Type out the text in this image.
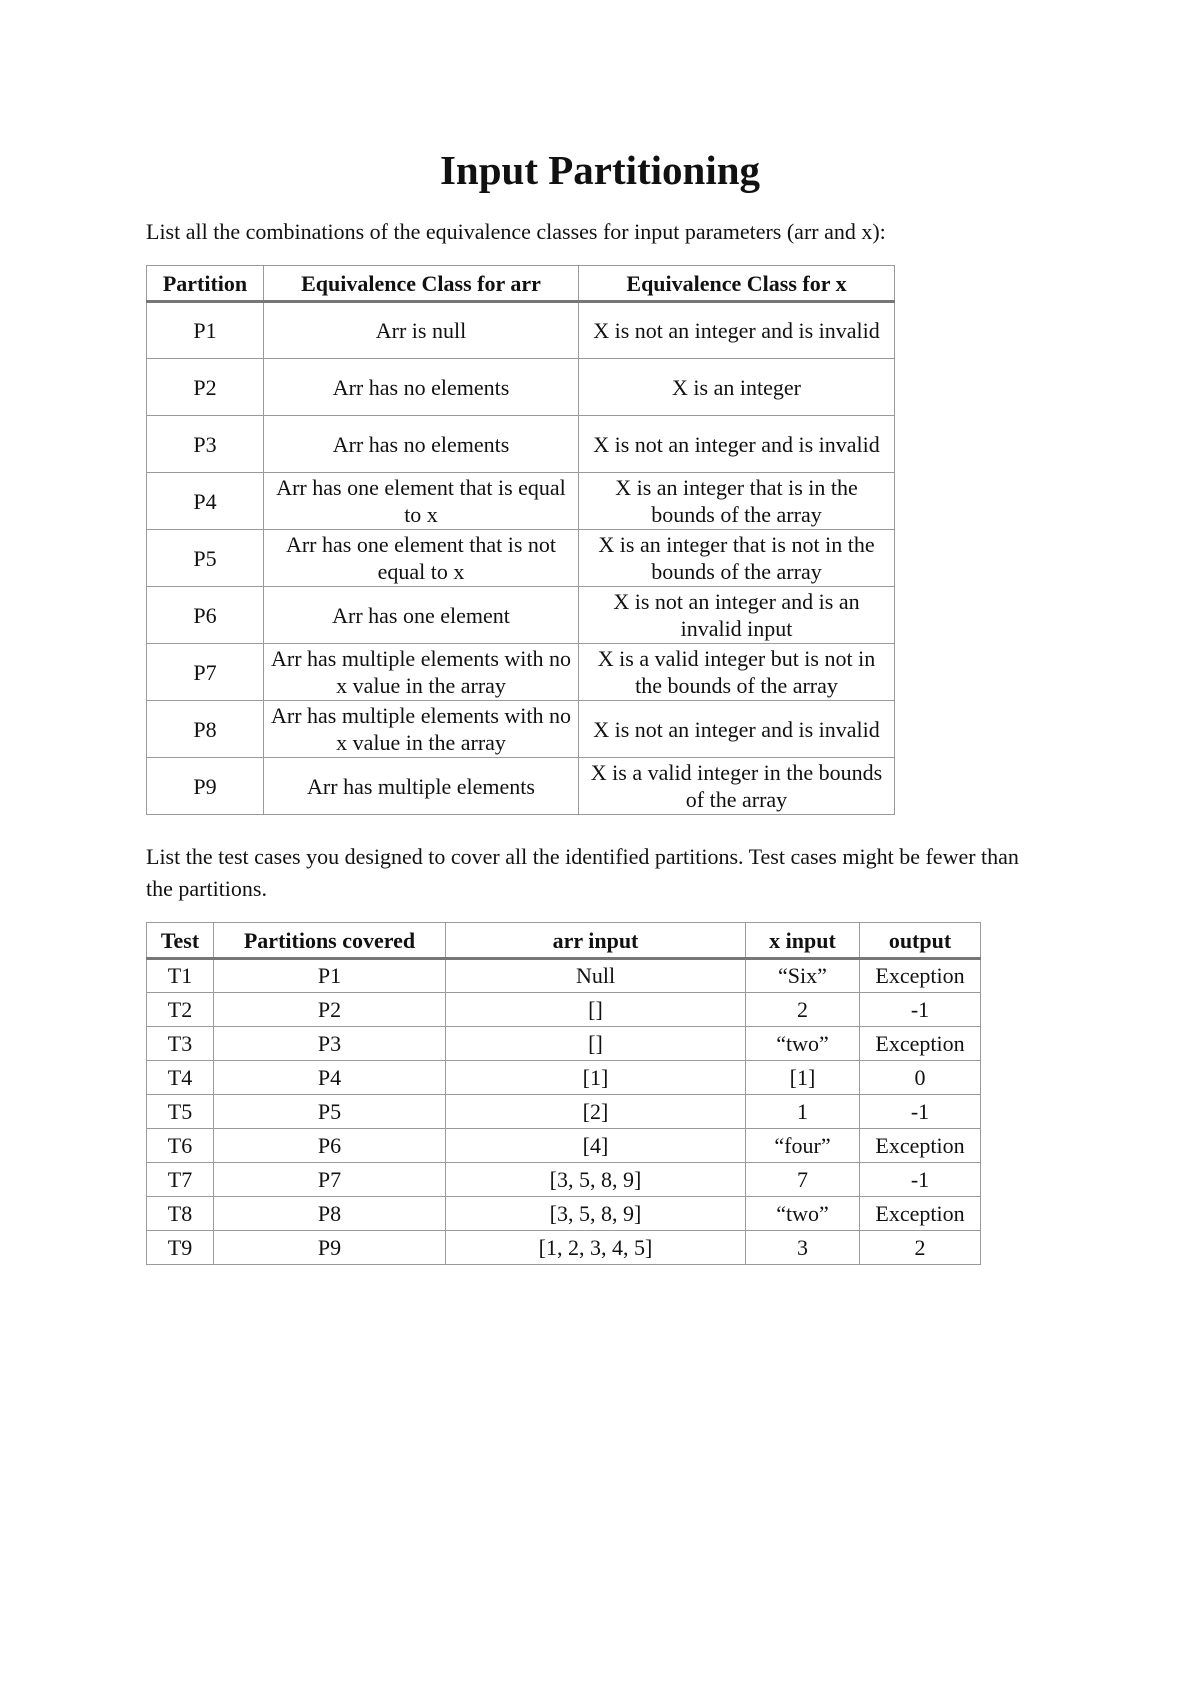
Input Partitioning

List all the combinations of the equivalence classes for input parameters (arr and x):

Partition	Equivalence Class for arr	Equivalence Class for x
P1	Arr is null	X is not an integer and is invalid
P2	Arr has no elements	X is an integer
P3	Arr has no elements	X is not an integer and is invalid
P4	Arr has one element that is equal to x	X is an integer that is in the bounds of the array
P5	Arr has one element that is not equal to x	X is an integer that is not in the bounds of the array
P6	Arr has one element	X is not an integer and is an invalid input
P7	Arr has multiple elements with no x value in the array	X is a valid integer but is not in the bounds of the array
P8	Arr has multiple elements with no x value in the array	X is not an integer and is invalid
P9	Arr has multiple elements	X is a valid integer in the bounds of the array

List the test cases you designed to cover all the identified partitions. Test cases might be fewer than the partitions.

Test	Partitions covered	arr input	x input	output
T1	P1	Null	“Six”	Exception
T2	P2	[]	2	-1
T3	P3	[]	“two”	Exception
T4	P4	[1]	[1]	0
T5	P5	[2]	1	-1
T6	P6	[4]	“four”	Exception
T7	P7	[3, 5, 8, 9]	7	-1
T8	P8	[3, 5, 8, 9]	“two”	Exception
T9	P9	[1, 2, 3, 4, 5]	3	2
